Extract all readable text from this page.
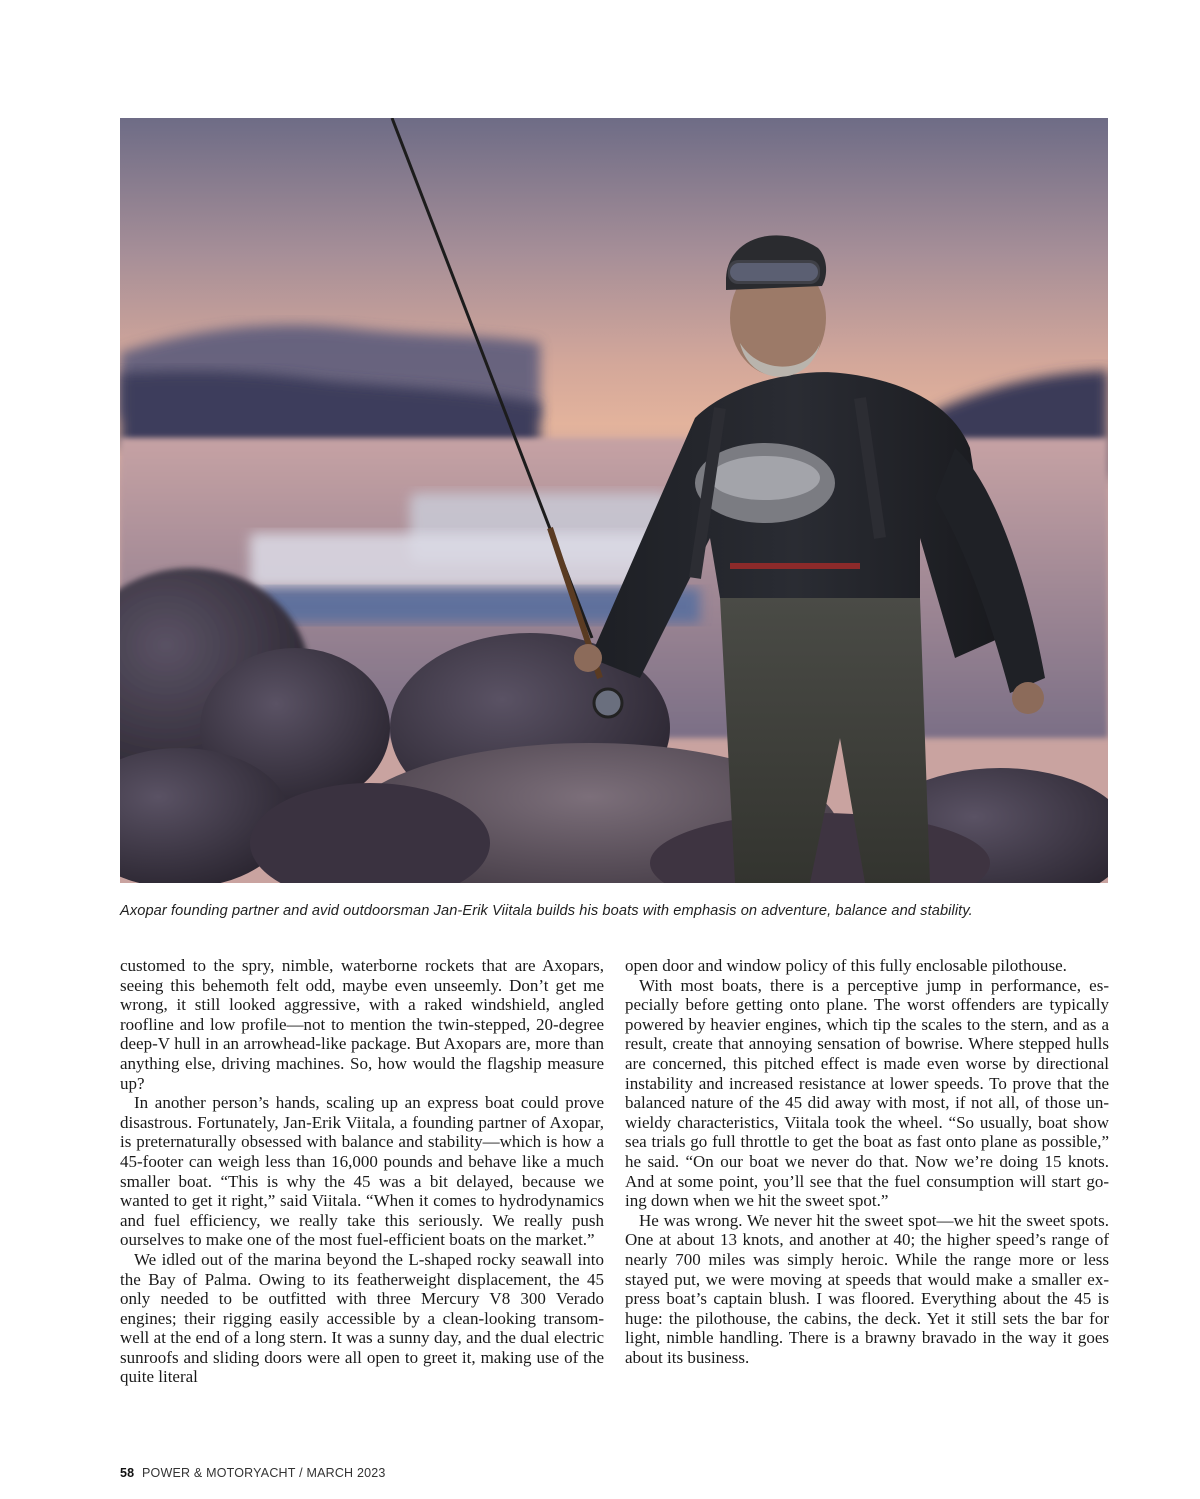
Axopar founding partner and avid outdoorsman Jan-Erik Viitala builds his boats with emphasis on adventure, balance and stability.

customed to the spry, nimble, waterborne rockets that are Axopars, seeing this behemoth felt odd, maybe even unseemly. Don’t get me wrong, it still looked aggressive, with a raked windshield, angled roofline and low profile—not to mention the twin-stepped, 20-degree deep-V hull in an arrowhead-like package. But Axopars are, more than anything else, driving machines. So, how would the flagship measure up?

In another person’s hands, scaling up an express boat could prove disastrous. Fortunately, Jan-Erik Viitala, a founding partner of Axopar, is preternaturally obsessed with balance and stability—which is how a 45-footer can weigh less than 16,000 pounds and behave like a much smaller boat. “This is why the 45 was a bit delayed, because we wanted to get it right,” said Viitala. “When it comes to hydrodynamics and fuel efficiency, we really take this seriously. We really push ourselves to make one of the most fuel-efficient boats on the market.”

We idled out of the marina beyond the L-shaped rocky seawall into the Bay of Palma. Owing to its featherweight displacement, the 45 only needed to be outfitted with three Mercury V8 300 Verado engines; their rigging easily accessible by a clean-looking transom-well at the end of a long stern. It was a sunny day, and the dual electric sunroofs and sliding doors were all open to greet it, making use of the quite literal

open door and window policy of this fully enclosable pilothouse.

With most boats, there is a perceptive jump in performance, especially before getting onto plane. The worst offenders are typically powered by heavier engines, which tip the scales to the stern, and as a result, create that annoying sensation of bowrise. Where stepped hulls are concerned, this pitched effect is made even worse by directional instability and increased resistance at lower speeds. To prove that the balanced nature of the 45 did away with most, if not all, of those unwieldy characteristics, Viitala took the wheel. “So usually, boat show sea trials go full throttle to get the boat as fast onto plane as possible,” he said. “On our boat we never do that. Now we’re doing 15 knots. And at some point, you’ll see that the fuel consumption will start going down when we hit the sweet spot.”

He was wrong. We never hit the sweet spot—we hit the sweet spots. One at about 13 knots, and another at 40; the higher speed’s range of nearly 700 miles was simply heroic. While the range more or less stayed put, we were moving at speeds that would make a smaller express boat’s captain blush. I was floored. Everything about the 45 is huge: the pilothouse, the cabins, the deck. Yet it still sets the bar for light, nimble handling. There is a brawny bravado in the way it goes about its business.

58 POWER & MOTORYACHT / MARCH 2023
